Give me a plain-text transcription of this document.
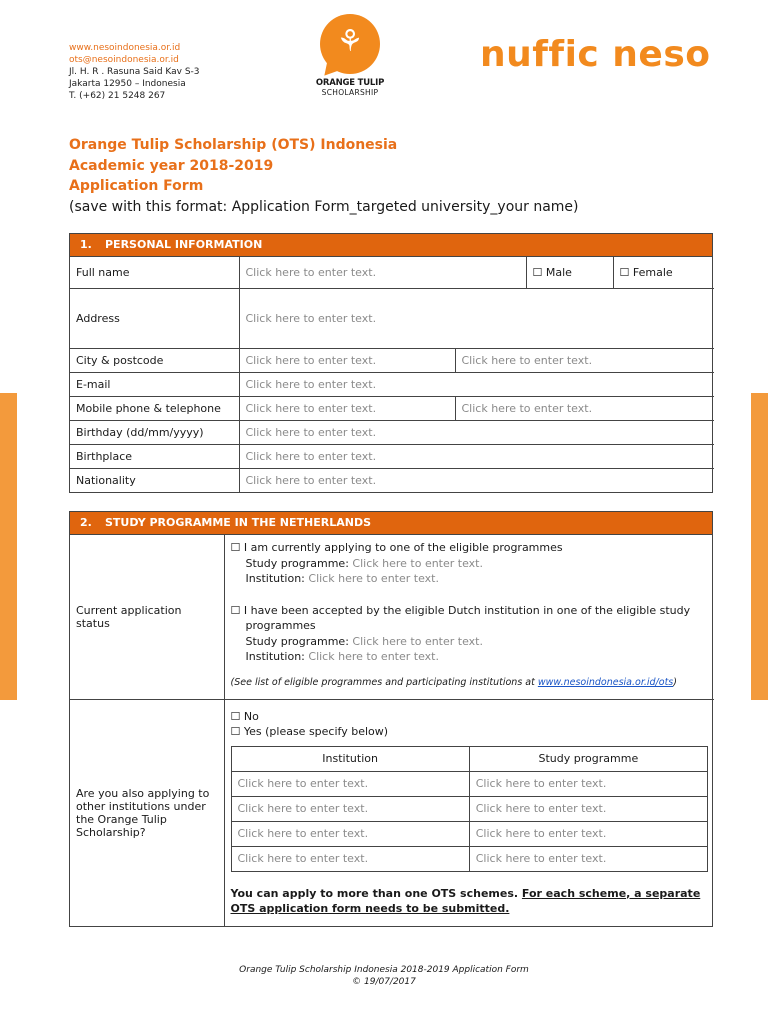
www.nesoindonesia.or.id
ots@nesoindonesia.or.id
Jl. H. R . Rasuna Said Kav S-3
Jakarta 12950 – Indonesia
T. (+62) 21 5248 267
⚘
ORANGE TULIP
SCHOLARSHIP
nuffic neso
Orange Tulip Scholarship (OTS) Indonesia
Academic year 2018-2019
Application Form
(save with this format: Application Form_targeted university_your name)
1. PERSONAL INFORMATION
Full name	Click here to enter text.		☐ Male	☐ Female
Address	Click here to enter text.			
City & postcode	Click here to enter text.	Click here to enter text.		
E-mail	Click here to enter text.			
Mobile phone & telephone	Click here to enter text.	Click here to enter text.		
Birthday (dd/mm/yyyy)	Click here to enter text.			
Birthplace	Click here to enter text.			
Nationality	Click here to enter text.			
2. STUDY PROGRAMME IN THE NETHERLANDS
Current application status	
☐ I am currently applying to one of the eligible programmes
Study programme: Click here to enter text.
Institution: Click here to enter text.
☐ I have been accepted by the eligible Dutch institution in one of the eligible study
programmes
Study programme: Click here to enter text.
Institution: Click here to enter text.
(See list of eligible programmes and participating institutions at www.nesoindonesia.or.id/ots)

Are you also applying to other institutions under the Orange Tulip Scholarship?	
☐ No
☐ Yes (please specify below)
Institution	Study programme
Click here to enter text.	Click here to enter text.
Click here to enter text.	Click here to enter text.
Click here to enter text.	Click here to enter text.
Click here to enter text.	Click here to enter text.
You can apply to more than one OTS schemes. For each scheme, a separate OTS application form needs to be submitted.
Orange Tulip Scholarship Indonesia 2018-2019 Application Form
© 19/07/2017
